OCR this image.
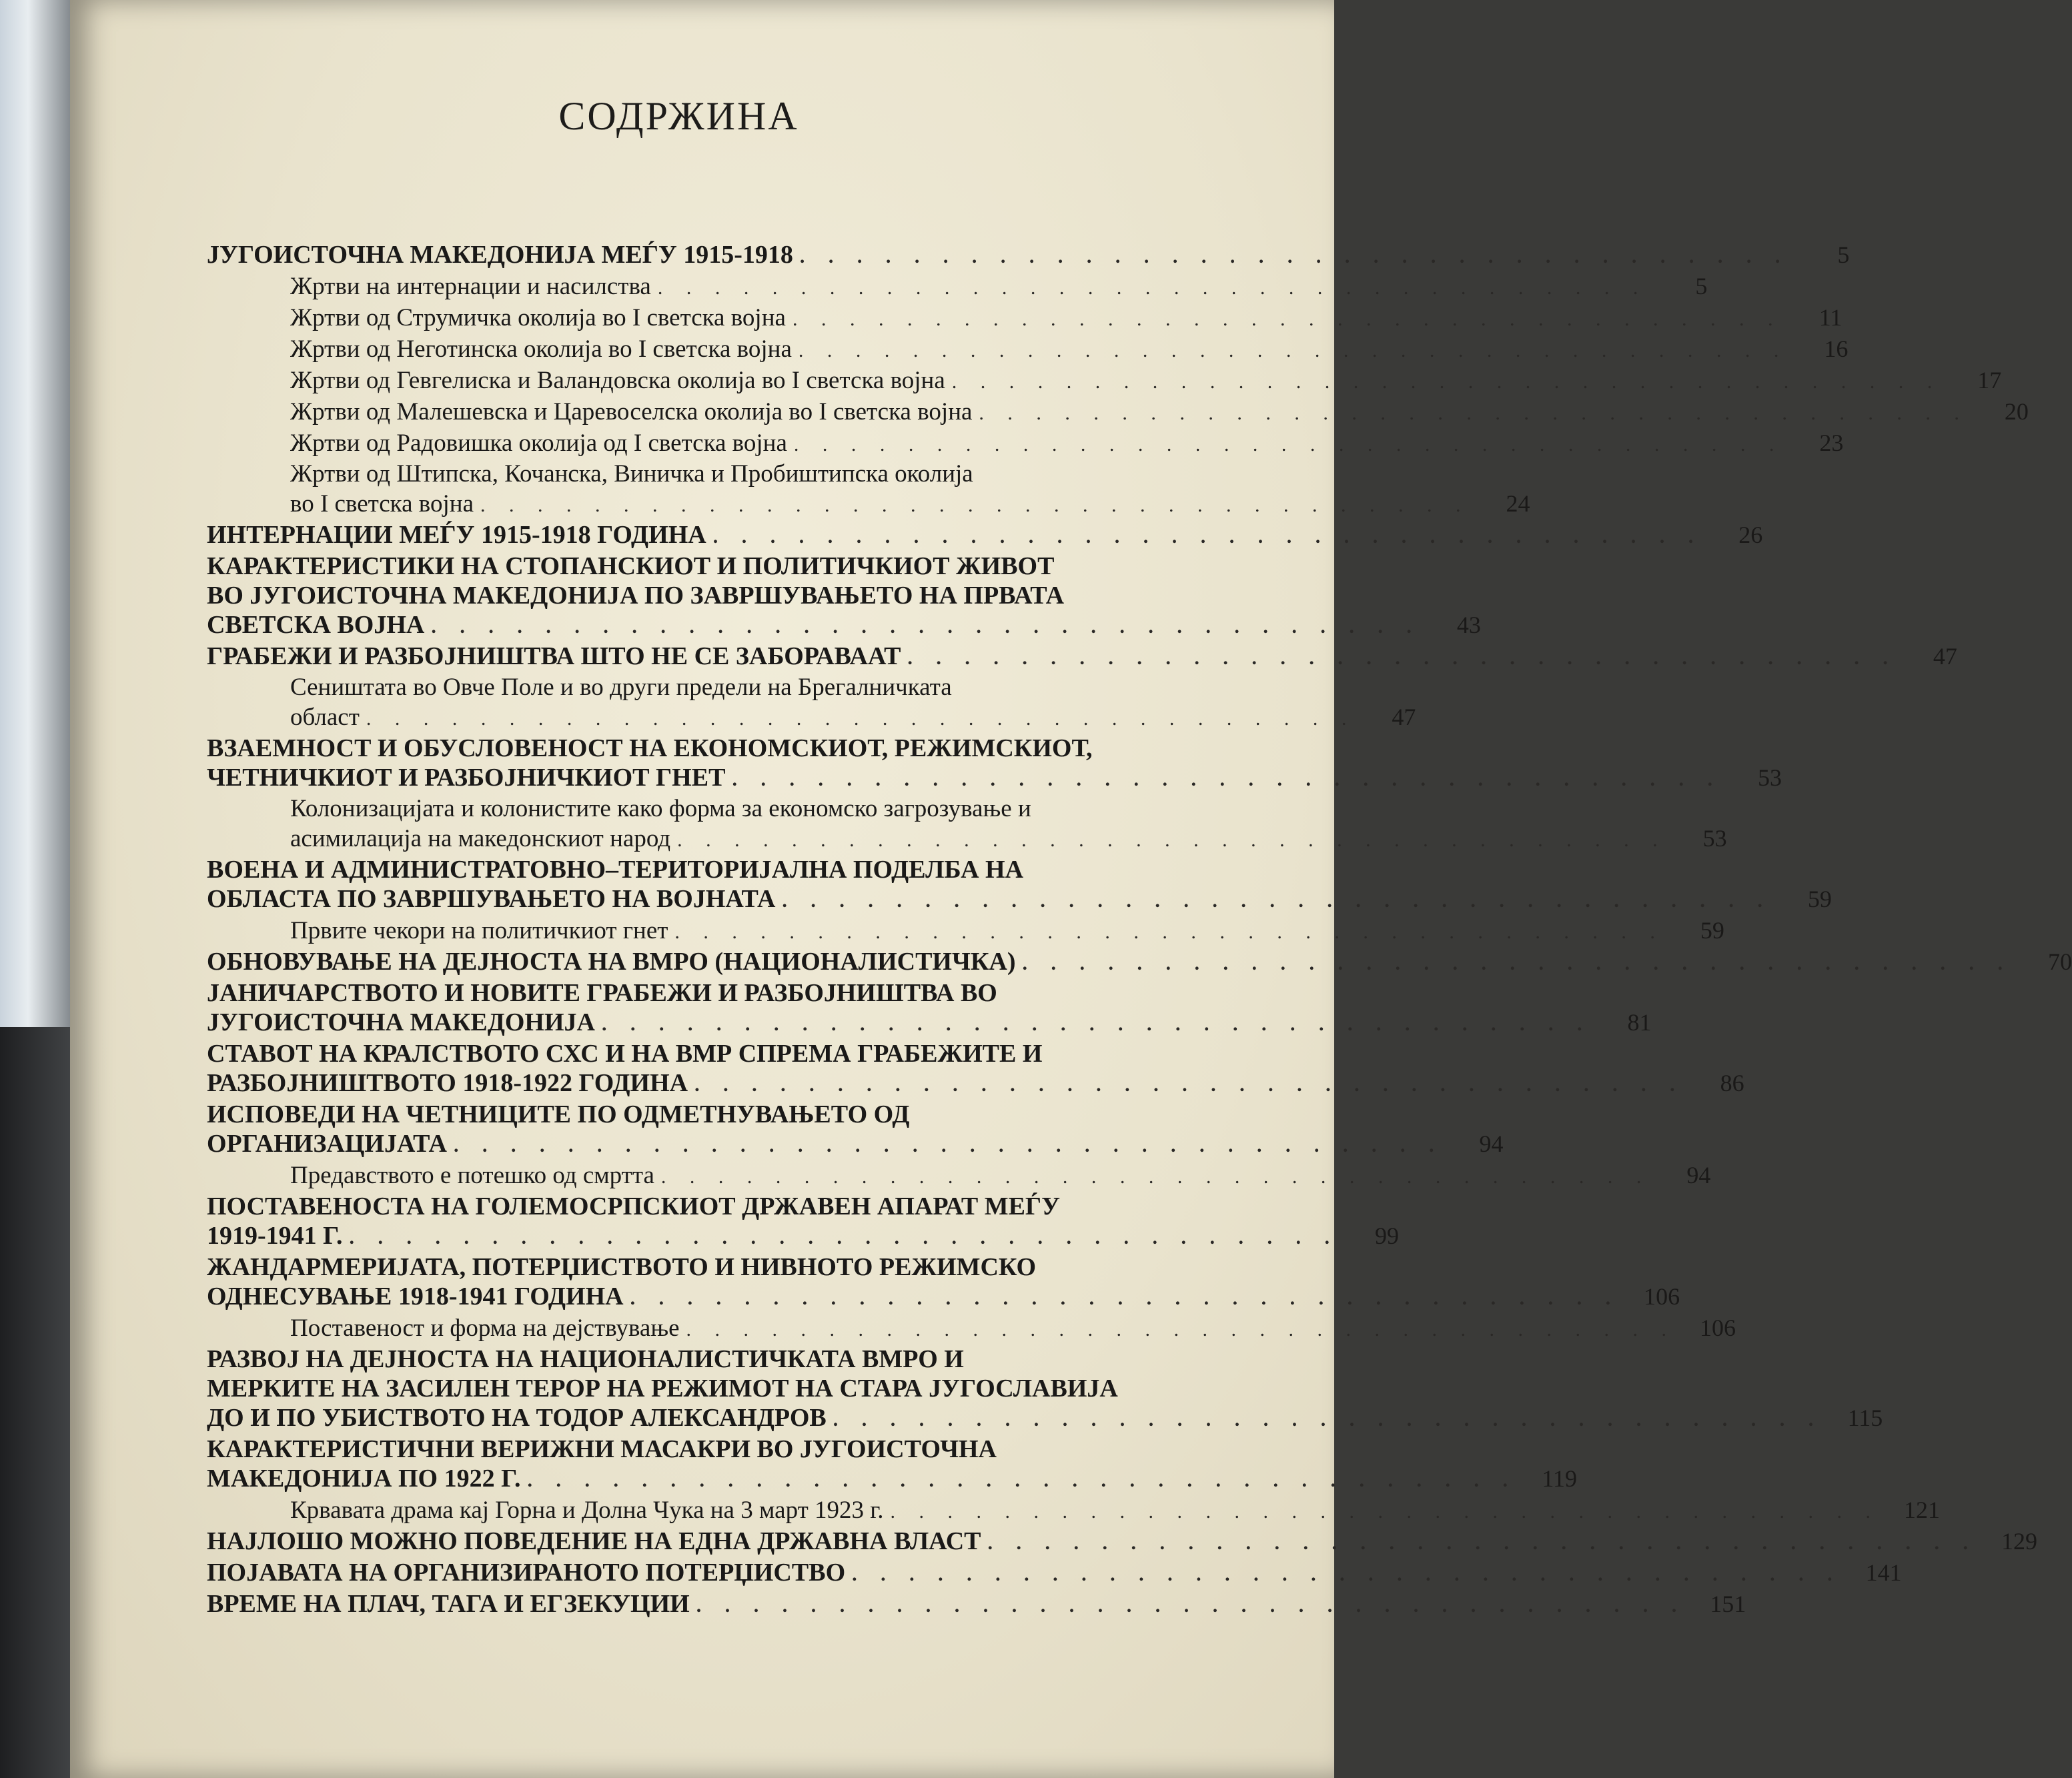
СОДРЖИНА
ЈУГОИСТОЧНА МАКЕДОНИЈА МЕЃУ 1915-1918 . . . . . . . . . . . . . . . . . . . . . . . . . . . . . . . . . . .	5
Жртви на интернации и насилства . . . . . . . . . . . . . . . . . . . . . . . . . . . . . . . . . . .	5
Жртви од Струмичка околија во I светска војна . . . . . . . . . . . . . . . . . . . . . . . . . . . . . . . . . . .	11
Жртви од Неготинска околија во I светска војна . . . . . . . . . . . . . . . . . . . . . . . . . . . . . . . . . . .	16
Жртви од Гевгелиска и Валандовска околија во I светска војна . . . . . . . . . . . . . . . . . . . . . . . . . . . . . . . . . . .	17
Жртви од Малешевска и Царевоселска околија во I светска војна . . . . . . . . . . . . . . . . . . . . . . . . . . . . . . . . . . .	20
Жртви од Радовишка околија од I светска војна . . . . . . . . . . . . . . . . . . . . . . . . . . . . . . . . . . .	23
Жртви од Штипска, Кочанска, Виничка и Пробиштипска околија
во I светска војна . . . . . . . . . . . . . . . . . . . . . . . . . . . . . . . . . . .	24
ИНТЕРНАЦИИ МЕЃУ 1915-1918 ГОДИНА . . . . . . . . . . . . . . . . . . . . . . . . . . . . . . . . . . .	26
КАРАКТЕРИСТИКИ НА СТОПАНСКИОТ И ПОЛИТИЧКИОТ ЖИВОТ
ВО ЈУГОИСТОЧНА МАКЕДОНИЈА ПО ЗАВРШУВАЊЕТО НА ПРВАТА
СВЕТСКА ВОЈНА . . . . . . . . . . . . . . . . . . . . . . . . . . . . . . . . . . .	43
ГРАБЕЖИ И РАЗБОЈНИШТВА ШТО НЕ СЕ ЗАБОРАВААТ . . . . . . . . . . . . . . . . . . . . . . . . . . . . . . . . . . .	47
Сеништата во Овче Поле и во други предели на Брегалничката
област . . . . . . . . . . . . . . . . . . . . . . . . . . . . . . . . . . .	47
ВЗАЕМНОСТ И ОБУСЛОВЕНОСТ НА ЕКОНОМСКИОТ, РЕЖИМСКИОТ,
ЧЕТНИЧКИОТ И РАЗБОЈНИЧКИОТ ГНЕТ . . . . . . . . . . . . . . . . . . . . . . . . . . . . . . . . . . .	53
Колонизацијата и колонистите како форма за економско загрозување и
асимилација на македонскиот народ . . . . . . . . . . . . . . . . . . . . . . . . . . . . . . . . . . .	53
ВОЕНА И АДМИНИСТРАТОВНО–ТЕРИТОРИЈАЛНА ПОДЕЛБА НА
ОБЛАСТА ПО ЗАВРШУВАЊЕТО НА ВОЈНАТА . . . . . . . . . . . . . . . . . . . . . . . . . . . . . . . . . . .	59
Првите чекори на политичкиот гнет . . . . . . . . . . . . . . . . . . . . . . . . . . . . . . . . . . .	59
ОБНОВУВАЊЕ НА ДЕЈНОСТА НА ВМРО (НАЦИОНАЛИСТИЧКА) . . . . . . . . . . . . . . . . . . . . . . . . . . . . . . . . . . .	70
ЈАНИЧАРСТВОТО И НОВИТЕ ГРАБЕЖИ И РАЗБОЈНИШТВА ВО
ЈУГОИСТОЧНА МАКЕДОНИЈА . . . . . . . . . . . . . . . . . . . . . . . . . . . . . . . . . . .	81
СТАВОТ НА КРАЛСТВОТО СХС И НА ВМР СПРЕМА ГРАБЕЖИТЕ И
РАЗБОЈНИШТВОТО 1918-1922 ГОДИНА . . . . . . . . . . . . . . . . . . . . . . . . . . . . . . . . . . .	86
ИСПОВЕДИ НА ЧЕТНИЦИТЕ ПО ОДМЕТНУВАЊЕТО ОД
ОРГАНИЗАЦИЈАТА . . . . . . . . . . . . . . . . . . . . . . . . . . . . . . . . . . .	94
Предавството е потешко од смртта . . . . . . . . . . . . . . . . . . . . . . . . . . . . . . . . . . .	94
ПОСТАВЕНОСТА НА ГОЛЕМОСРПСКИОТ ДРЖАВЕН АПАРАТ МЕЃУ
1919-1941 Г. . . . . . . . . . . . . . . . . . . . . . . . . . . . . . . . . . . .	99
ЖАНДАРМЕРИЈАТА, ПОТЕРЏИСТВОТО И НИВНОТО РЕЖИМСКО
ОДНЕСУВАЊЕ 1918-1941 ГОДИНА . . . . . . . . . . . . . . . . . . . . . . . . . . . . . . . . . . .	106
Поставеност и форма на дејствување . . . . . . . . . . . . . . . . . . . . . . . . . . . . . . . . . . .	106
РАЗВОЈ НА ДЕЈНОСТА НА НАЦИОНАЛИСТИЧКАТА ВМРО И
МЕРКИТЕ НА ЗАСИЛЕН ТЕРОР НА РЕЖИМОТ НА СТАРА ЈУГОСЛАВИЈА
ДО И ПО УБИСТВОТО НА ТОДОР АЛЕКСАНДРОВ . . . . . . . . . . . . . . . . . . . . . . . . . . . . . . . . . . .	115
КАРАКТЕРИСТИЧНИ ВЕРИЖНИ МАСАКРИ ВО ЈУГОИСТОЧНА
МАКЕДОНИЈА ПО 1922 Г. . . . . . . . . . . . . . . . . . . . . . . . . . . . . . . . . . . .	119
Крвавата драма кај Горна и Долна Чука на 3 март 1923 г. . . . . . . . . . . . . . . . . . . . . . . . . . . . . . . . . . . .	121
НАЈЛОШО МОЖНО ПОВЕДЕНИЕ НА ЕДНА ДРЖАВНА ВЛАСТ . . . . . . . . . . . . . . . . . . . . . . . . . . . . . . . . . . .	129
ПОЈАВАТА НА ОРГАНИЗИРАНОТО ПОТЕРЏИСТВО . . . . . . . . . . . . . . . . . . . . . . . . . . . . . . . . . . .	141
ВРЕМЕ НА ПЛАЧ, ТАГА И ЕГЗЕКУЦИИ . . . . . . . . . . . . . . . . . . . . . . . . . . . . . . . . . . .	151
